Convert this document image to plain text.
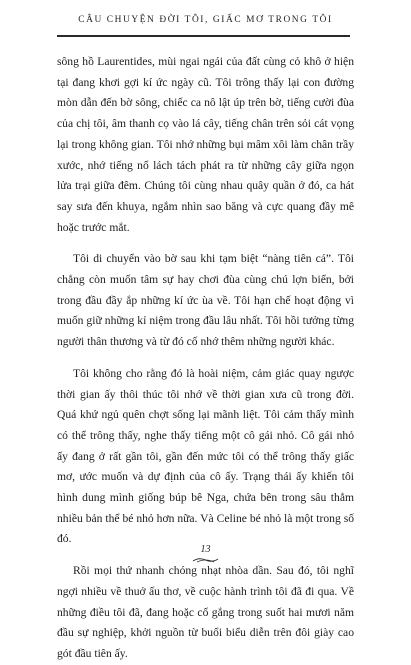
CÂU CHUYỆN ĐỜI TÔI, GIẤC MƠ TRONG TÔI

sông hồ Laurentides, mùi ngai ngái của đất cùng cỏ khô ở hiện tại đang khơi gợi kí ức ngày cũ. Tôi trông thấy lại con đường mòn dẫn đến bờ sông, chiếc ca nô lật úp trên bờ, tiếng cười đùa của chị tôi, âm thanh cọ vào lá cây, tiếng chân trên sỏi cát vọng lại trong không gian. Tôi nhớ những bụi mâm xôi làm chân trầy xước, nhớ tiếng nổ lách tách phát ra từ những cây giữa ngọn lửa trại giữa đêm. Chúng tôi cùng nhau quây quần ở đó, ca hát say sưa đến khuya, ngắm nhìn sao băng và cực quang đầy mê hoặc trước mắt.

Tôi di chuyển vào bờ sau khi tạm biệt “nàng tiên cá”. Tôi chẳng còn muốn tâm sự hay chơi đùa cùng chú lợn biển, bởi trong đầu đầy ắp những kí ức ùa về. Tôi hạn chế hoạt động vì muốn giữ những kỉ niệm trong đầu lâu nhất. Tôi hồi tưởng từng người thân thương và từ đó cố nhớ thêm những người khác.

Tôi không cho rằng đó là hoài niệm, cảm giác quay ngược thời gian ấy thôi thúc tôi nhớ về thời gian xưa cũ trong đời. Quá khứ ngủ quên chợt sống lại mãnh liệt. Tôi cảm thấy mình có thể trông thấy, nghe thấy tiếng một cô gái nhỏ. Cô gái nhỏ ấy đang ở rất gần tôi, gần đến mức tôi có thể trông thấy giấc mơ, ước muốn và dự định của cô ấy. Trạng thái ấy khiến tôi hình dung mình giống búp bê Nga, chứa bên trong sâu thẳm nhiều bản thể bé nhỏ hơn nữa. Và Celine bé nhỏ là một trong số đó.

Rồi mọi thứ nhanh chóng nhạt nhòa dần. Sau đó, tôi nghĩ ngợi nhiều về thuở ấu thơ, về cuộc hành trình tôi đã đi qua. Về những điều tôi đã, đang hoặc cố gắng trong suốt hai mươi năm đầu sự nghiệp, khởi nguồn từ buổi biểu diễn trên đôi giày cao gót đầu tiên ấy.

13
